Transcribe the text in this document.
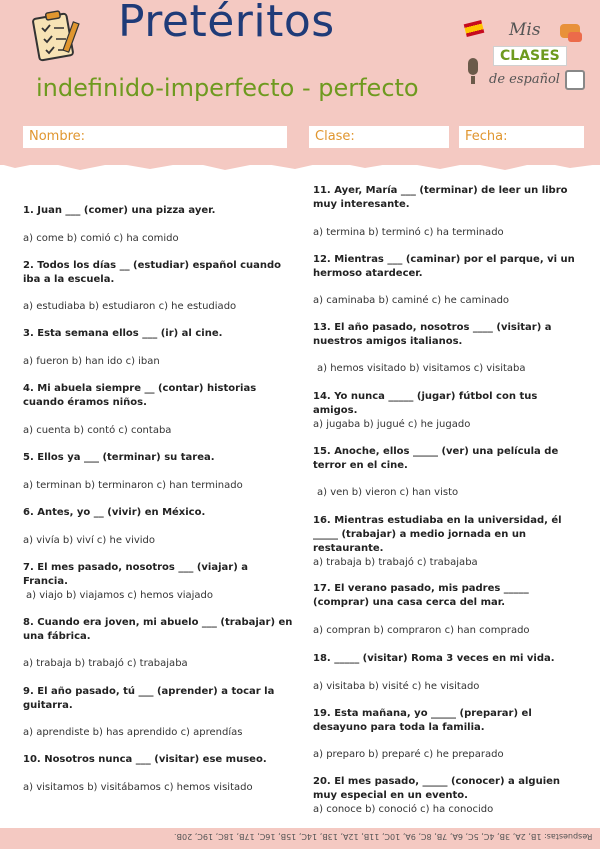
Pretéritos
indefinido-imperfecto - perfecto
Mis
CLASES
de español
Nombre:	Clase:	Fecha:
1. Juan ___ (comer) una pizza ayer.
a) come b) comió c) ha comido
2. Todos los días __ (estudiar) español cuando iba a la escuela.
a) estudiaba b) estudiaron c) he estudiado
3. Esta semana ellos ___ (ir) al cine.
a) fueron b) han ido c) iban
4. Mi abuela siempre __ (contar) historias cuando éramos niños.
a) cuenta b) contó c) contaba
5. Ellos ya ___ (terminar) su tarea.
a) terminan b) terminaron c) han terminado
6. Antes, yo __ (vivir) en México.
a) vivía b) viví c) he vivido
7. El mes pasado, nosotros ___ (viajar) a Francia.
a) viajo b) viajamos c) hemos viajado
8. Cuando era joven, mi abuelo ___ (trabajar) en una fábrica.
a) trabaja b) trabajó c) trabajaba
9. El año pasado, tú ___ (aprender) a tocar la guitarra.
a) aprendiste b) has aprendido c) aprendías
10. Nosotros nunca ___ (visitar) ese museo.
a) visitamos b) visitábamos c) hemos visitado
11. Ayer, María ___ (terminar) de leer un libro muy interesante.
a) termina b) terminó c) ha terminado
12. Mientras ___ (caminar) por el parque, vi un hermoso atardecer.
a) caminaba b) caminé c) he caminado
13. El año pasado, nosotros ____ (visitar) a nuestros amigos italianos.
a) hemos visitado b) visitamos c) visitaba
14. Yo nunca _____ (jugar) fútbol con tus amigos.
a) jugaba b) jugué c) he jugado
15. Anoche, ellos _____ (ver) una película de terror en el cine.
a) ven b) vieron c) han visto
16. Mientras estudiaba en la universidad, él _____ (trabajar) a medio jornada en un restaurante.
a) trabaja b) trabajó c) trabajaba
17. El verano pasado, mis padres _____ (comprar) una casa cerca del mar.
a) compran b) compraron c) han comprado
18. _____ (visitar) Roma 3 veces en mi vida.
a) visitaba b) visité c) he visitado
19. Esta mañana, yo _____ (preparar) el desayuno para toda la familia.
a) preparo b) preparé c) he preparado
20. El mes pasado, _____ (conocer) a alguien muy especial en un evento.
a) conoce b) conoció c) ha conocido
Respuestas: 1B, 2A, 3B, 4C, 5C, 6A, 7B, 8C, 9A, 10C, 11B, 12A, 13B, 14C, 15B, 16C, 17B, 18C, 19C, 20B.
